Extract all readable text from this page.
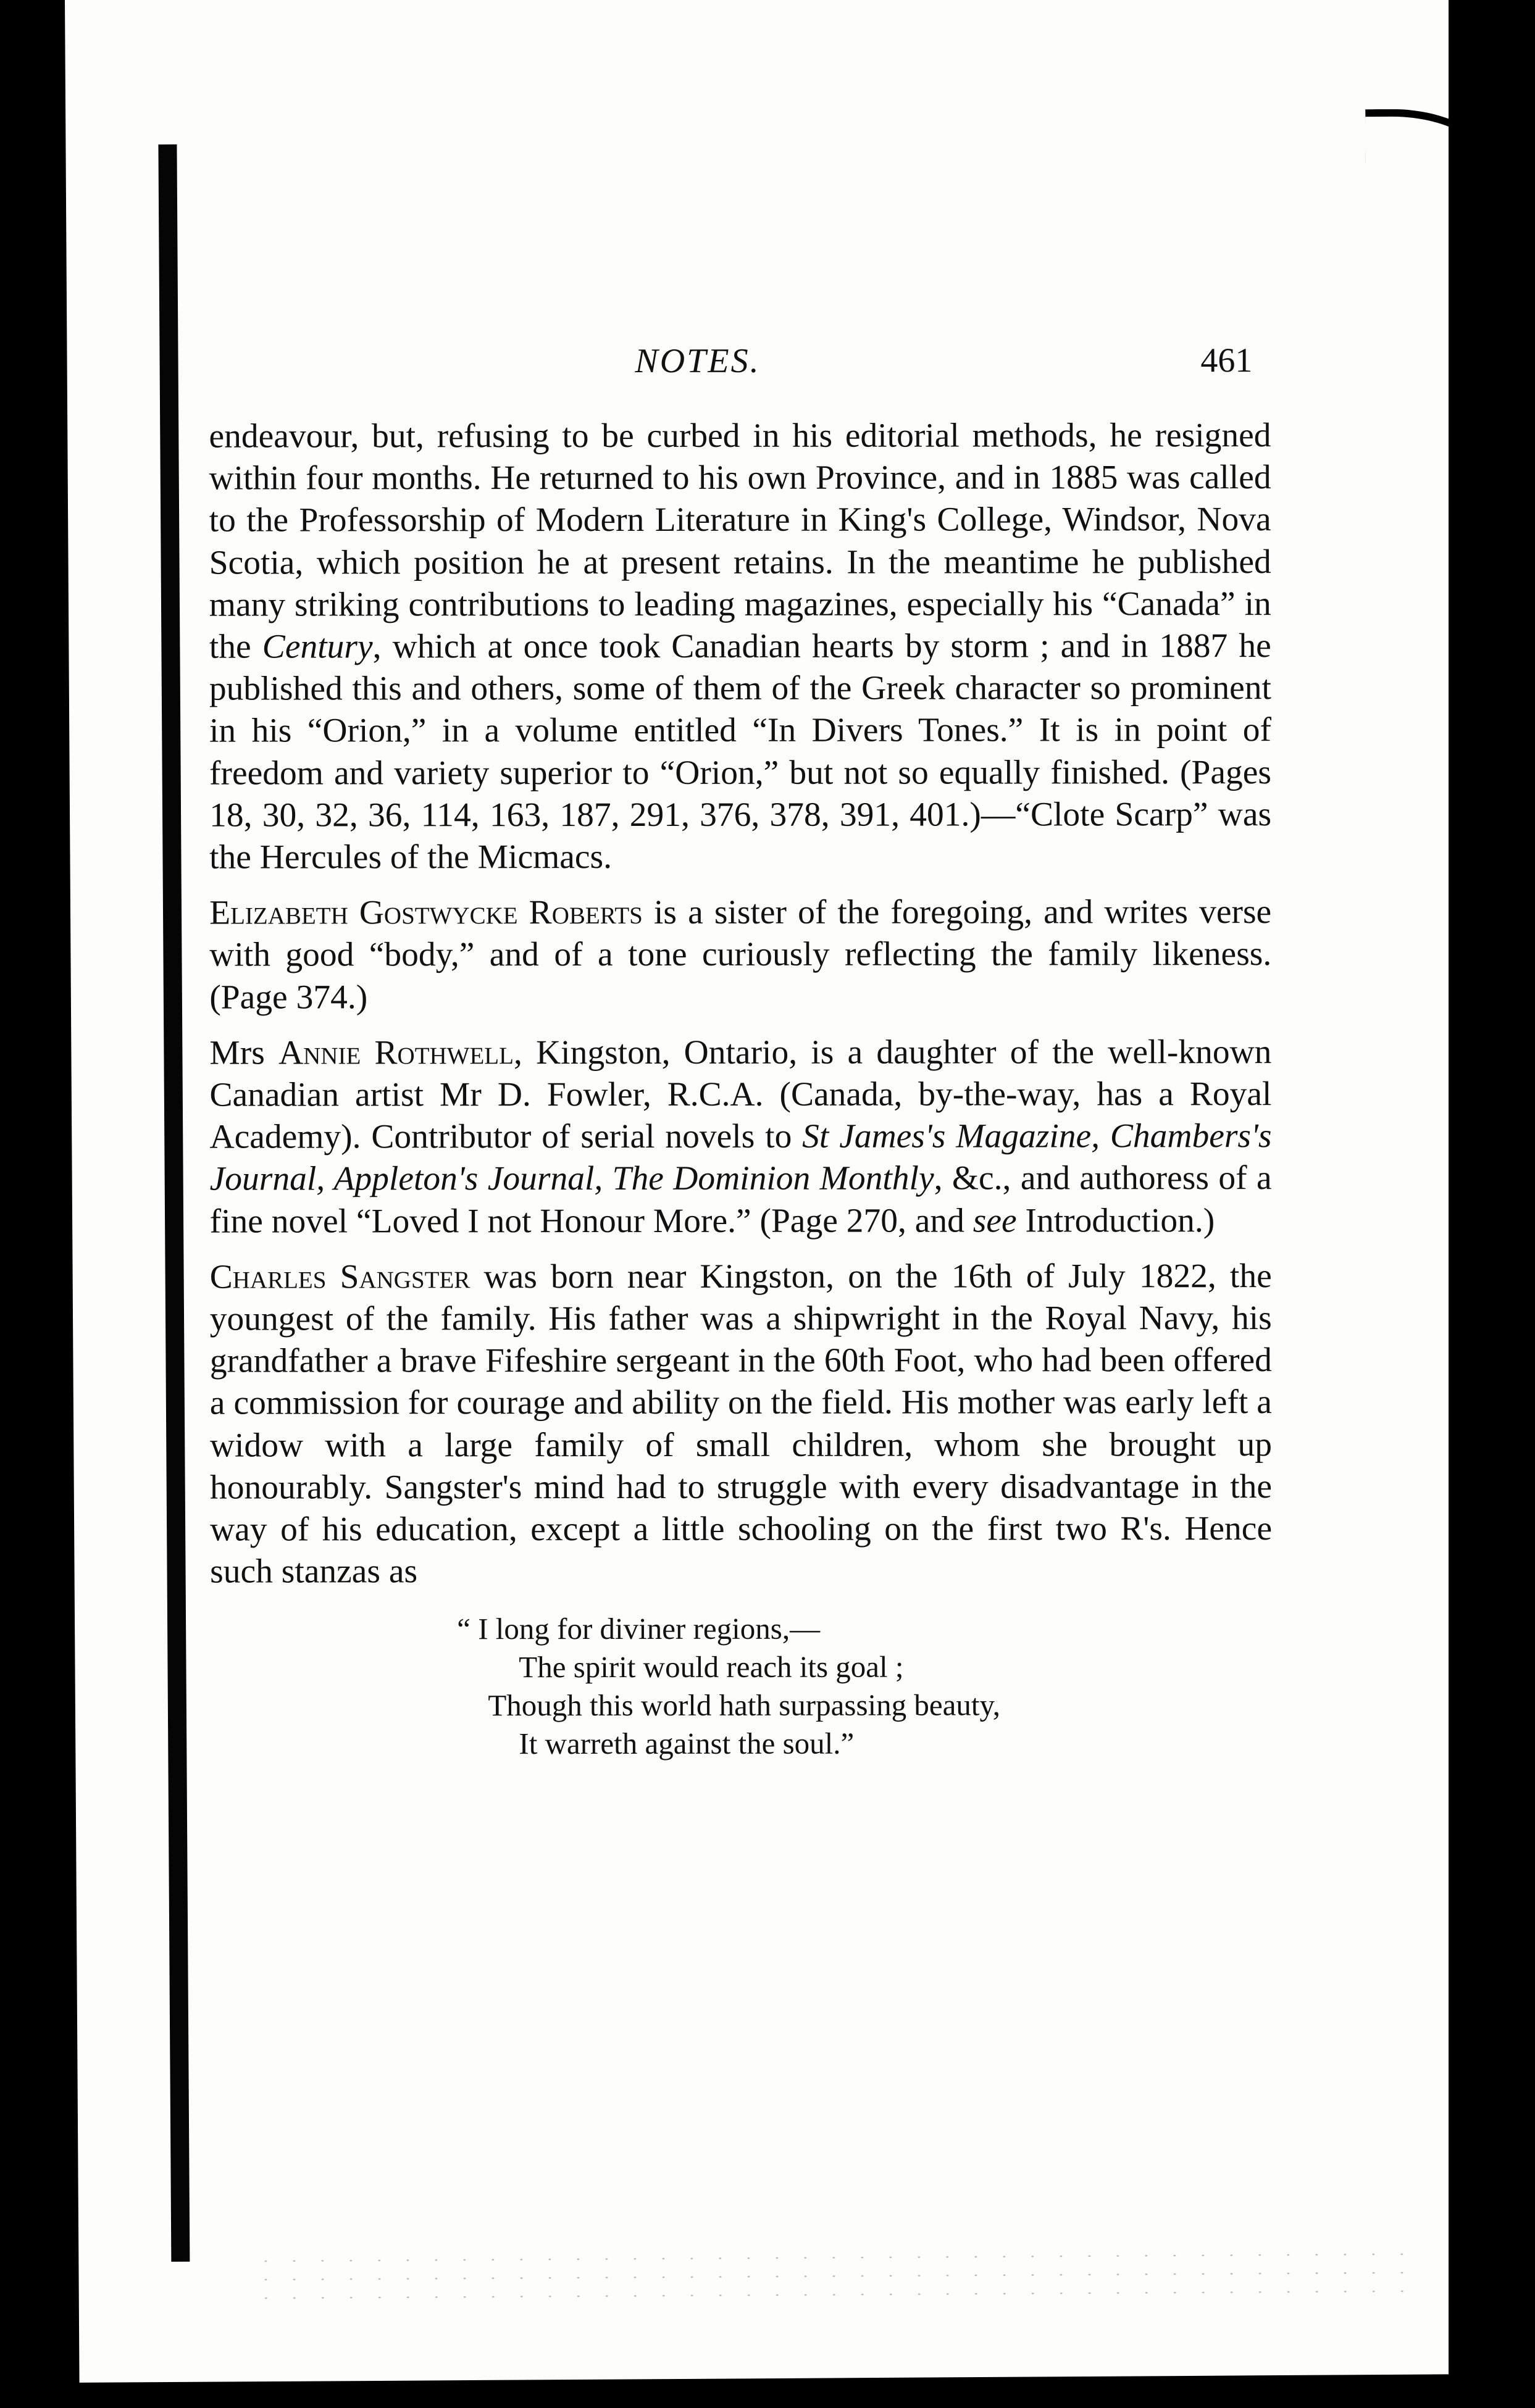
NOTES.	461

endeavour, but, refusing to be curbed in his editorial methods, he resigned within four months. He returned to his own Province, and in 1885 was called to the Professorship of Modern Literature in King's College, Windsor, Nova Scotia, which position he at present retains. In the meantime he published many striking contributions to leading magazines, especially his “Canada” in the Century, which at once took Canadian hearts by storm ; and in 1887 he published this and others, some of them of the Greek character so prominent in his “Orion,” in a volume entitled “In Divers Tones.” It is in point of freedom and variety superior to “Orion,” but not so equally finished. (Pages 18, 30, 32, 36, 114, 163, 187, 291, 376, 378, 391, 401.)—“Clote Scarp” was the Hercules of the Micmacs.

Elizabeth Gostwycke Roberts is a sister of the foregoing, and writes verse with good “body,” and of a tone curiously reflecting the family likeness. (Page 374.)

Mrs Annie Rothwell, Kingston, Ontario, is a daughter of the well-known Canadian artist Mr D. Fowler, R.C.A. (Canada, by-the-way, has a Royal Academy). Contributor of serial novels to St James's Magazine, Chambers's Journal, Appleton's Journal, The Dominion Monthly, &c., and authoress of a fine novel “Loved I not Honour More.” (Page 270, and see Introduction.)

Charles Sangster was born near Kingston, on the 16th of July 1822, the youngest of the family. His father was a shipwright in the Royal Navy, his grandfather a brave Fifeshire sergeant in the 60th Foot, who had been offered a commission for courage and ability on the field. His mother was early left a widow with a large family of small children, whom she brought up honourably. Sangster's mind had to struggle with every disadvantage in the way of his education, except a little schooling on the first two R's. Hence such stanzas as

“ I long for diviner regions,—
The spirit would reach its goal ;
Though this world hath surpassing beauty,
It warreth against the soul.”
